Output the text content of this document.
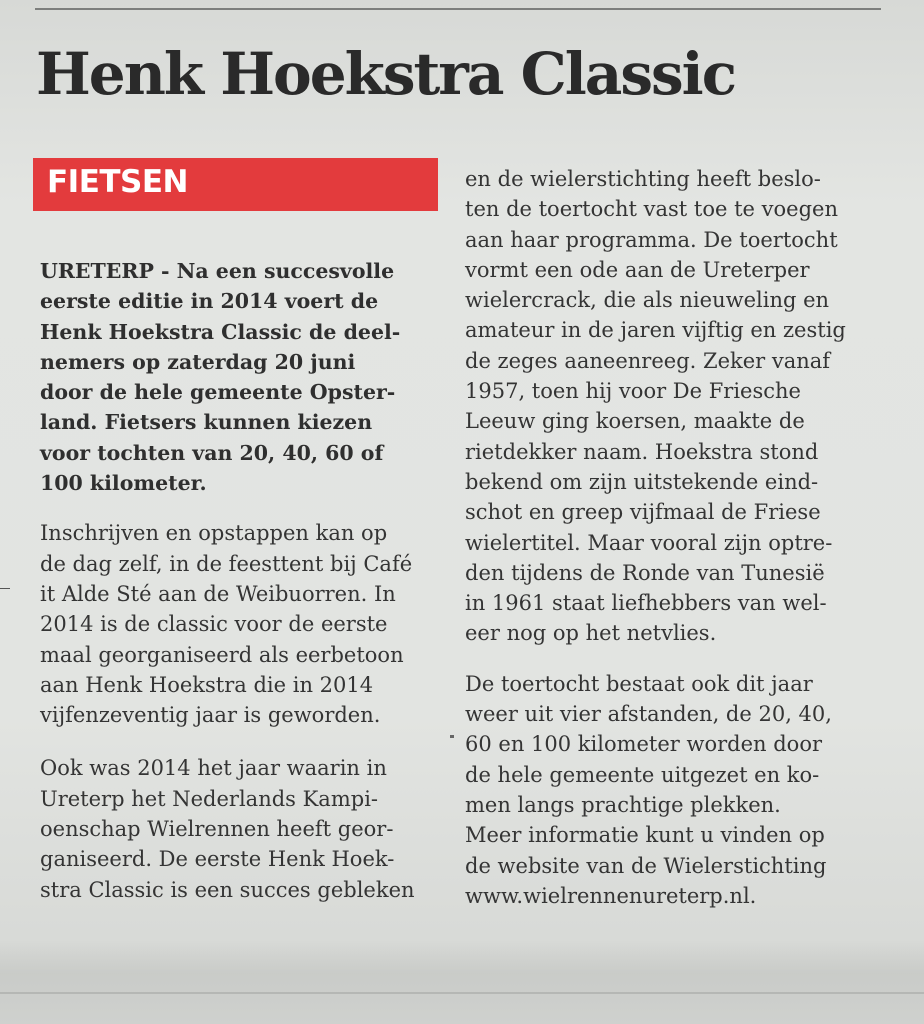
Henk Hoekstra Classic
FIETSEN

URETERP - Na een succesvolle
eerste editie in 2014 voert de
Henk Hoekstra Classic de deel-
nemers op zaterdag 20 juni
door de hele gemeente Opster-
land. Fietsers kunnen kiezen
voor tochten van 20, 40, 60 of
100 kilometer.

Inschrijven en opstappen kan op
de dag zelf, in de feesttent bij Café
it Alde Sté aan de Weibuorren. In
2014 is de classic voor de eerste
maal georganiseerd als eerbetoon
aan Henk Hoekstra die in 2014
vijfenzeventig jaar is geworden.

Ook was 2014 het jaar waarin in
Ureterp het Nederlands Kampi-
oenschap Wielrennen heeft geor-
ganiseerd. De eerste Henk Hoek-
stra Classic is een succes gebleken

en de wielerstichting heeft beslo-
ten de toertocht vast toe te voegen
aan haar programma. De toertocht
vormt een ode aan de Ureterper
wielercrack, die als nieuweling en
amateur in de jaren vijftig en zestig
de zeges aaneenreeg. Zeker vanaf
1957, toen hij voor De Friesche
Leeuw ging koersen, maakte de
rietdekker naam. Hoekstra stond
bekend om zijn uitstekende eind-
schot en greep vijfmaal de Friese
wielertitel. Maar vooral zijn optre-
den tijdens de Ronde van Tunesië
in 1961 staat liefhebbers van wel-
eer nog op het netvlies.

De toertocht bestaat ook dit jaar
weer uit vier afstanden, de 20, 40,
60 en 100 kilometer worden door
de hele gemeente uitgezet en ko-
men langs prachtige plekken.
Meer informatie kunt u vinden op
de website van de Wielerstichting
www.wielrennenureterp.nl.
